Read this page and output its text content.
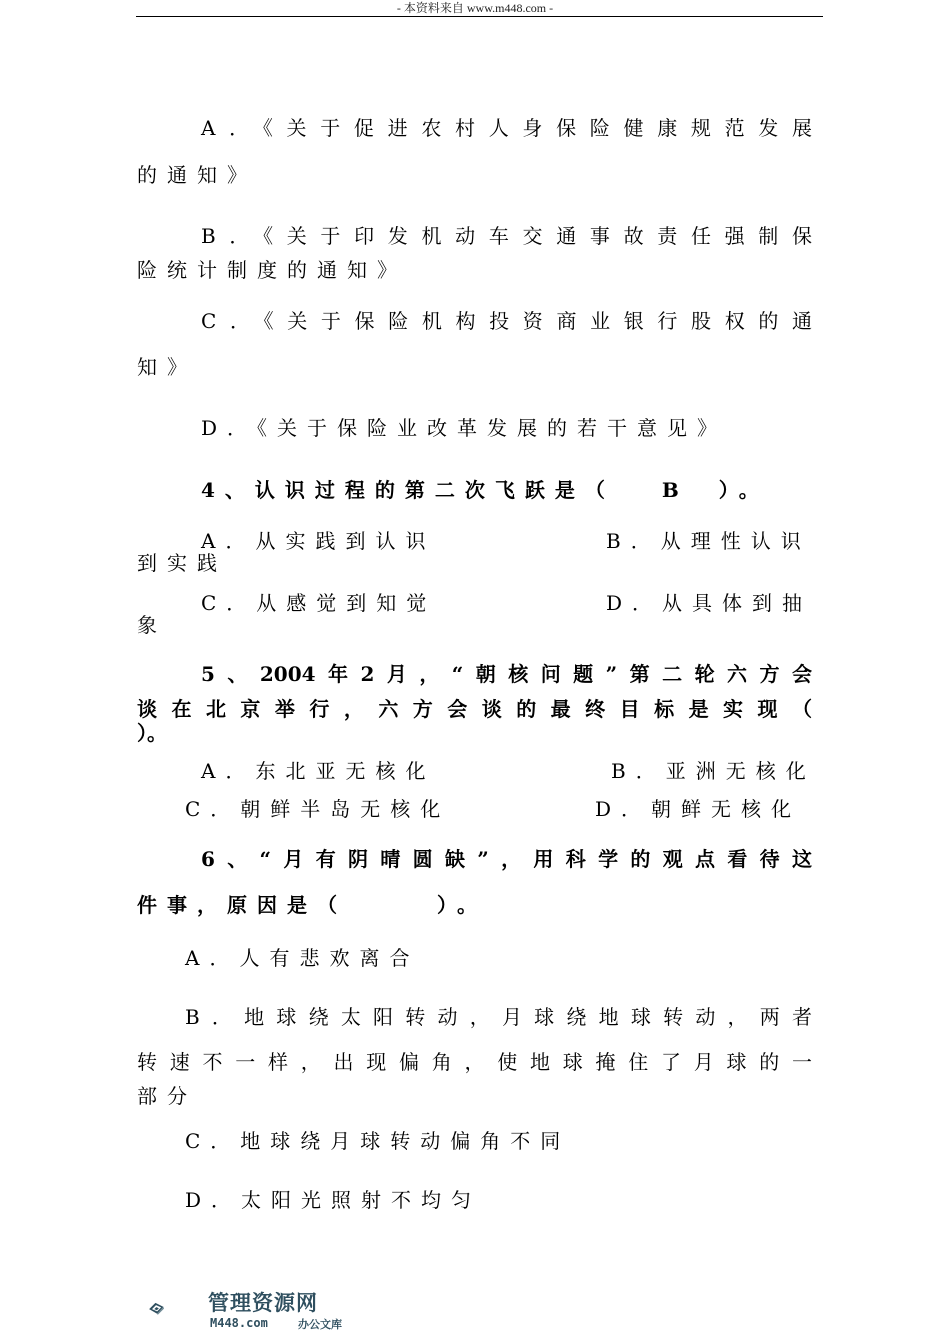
- 本资料来自 www.m448.com -

A．《关于促进农村人身保险健康规范发展

的通知》

B．《关于印发机动车交通事故责任强制保

险统计制度的通知》

C．《关于保险机构投资商业银行股权的通

知》

D．《关于保险业改革发展的若干意见》

4、认识过程的第二次飞跃是（　 B　）。

A．从实践到认识	B．从理性认识

到实践

C．从感觉到知觉	D．从具体到抽

象

5、2004年2月，“朝核问题”第二轮六方会

谈在北京举行，六方会谈的最终目标是实现（

）。

A．东北亚无核化	B．亚洲无核化
C．朝鲜半岛无核化	D．朝鲜无核化

6、“月有阴晴圆缺”，用科学的观点看待这

件事，原因是（　　　）。

A．人有悲欢离合

B．地球绕太阳转动，月球绕地球转动，两者

转速不一样，出现偏角，使地球掩住了月球的一

部分

C．地球绕月球转动偏角不同

D．太阳光照射不均匀

管理资源网
M448.com	办公文库
